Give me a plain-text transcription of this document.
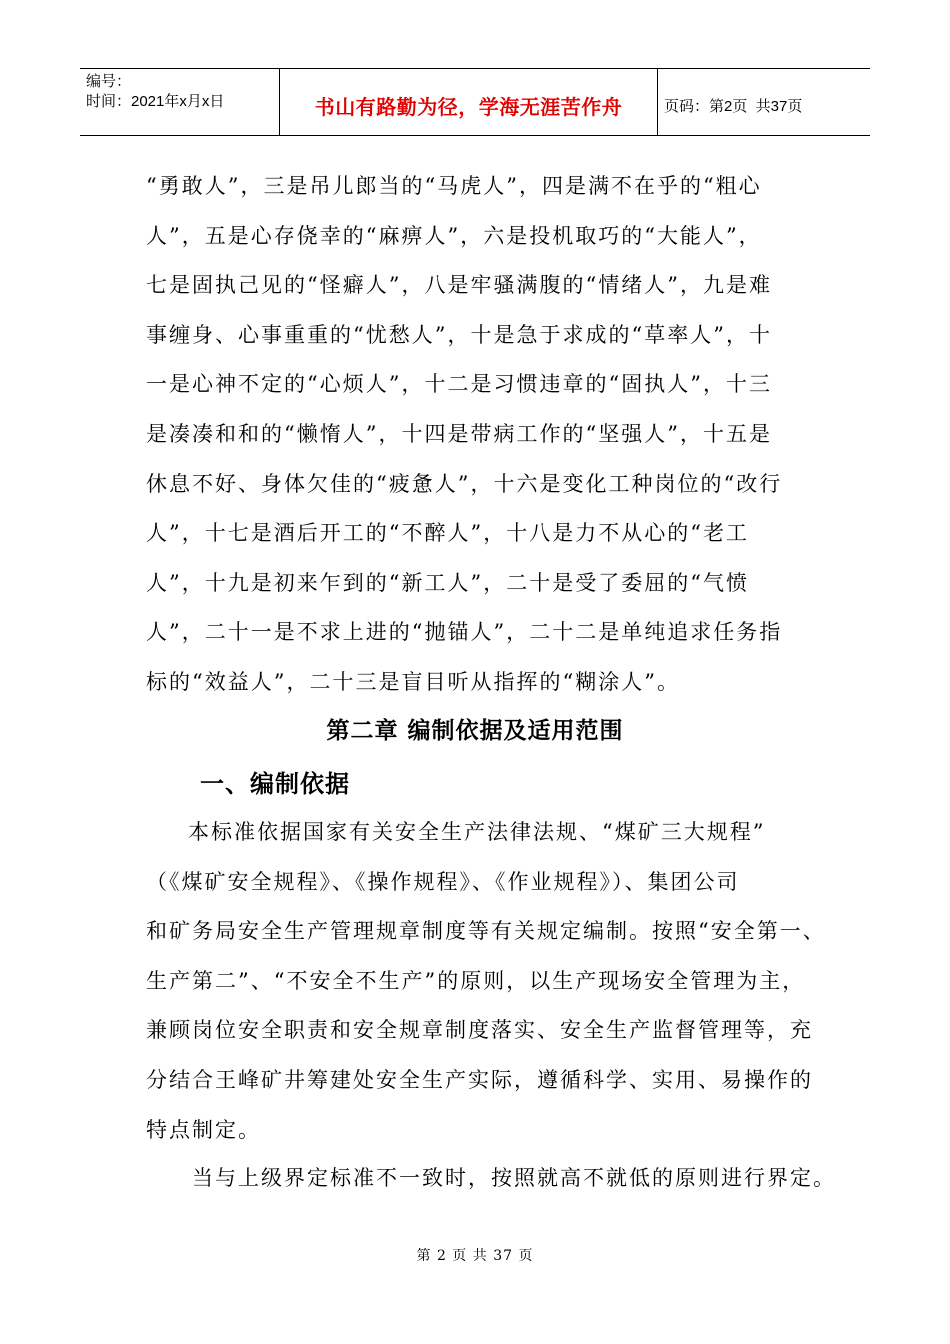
编号：
时间：2021年x月x日	书山有路勤为径，学海无涯苦作舟	页码：第2页  共37页
“勇敢人”，三是吊儿郎当的“马虎人”，四是满不在乎的“粗心
人”，五是心存侥幸的“麻痹人”，六是投机取巧的“大能人”，
七是固执己见的“怪癖人”，八是牢骚满腹的“情绪人”，九是难
事缠身、心事重重的“忧愁人”，十是急于求成的“草率人”，十
一是心神不定的“心烦人”，十二是习惯违章的“固执人”，十三
是凑凑和和的“懒惰人”，十四是带病工作的“坚强人”，十五是
休息不好、身体欠佳的“疲惫人”，十六是变化工种岗位的“改行
人”，十七是酒后开工的“不醉人”，十八是力不从心的“老工
人”，十九是初来乍到的“新工人”，二十是受了委屈的“气愤
人”，二十一是不求上进的“抛锚人”，二十二是单纯追求任务指
标的“效益人”，二十三是盲目听从指挥的“糊涂人”。
第二章 编制依据及适用范围
一、编制依据
本标准依据国家有关安全生产法律法规、“煤矿三大规程”
（《煤矿安全规程》、《操作规程》、《作业规程》）、集团公司
和矿务局安全生产管理规章制度等有关规定编制。按照“安全第一、
生产第二”、“不安全不生产”的原则，以生产现场安全管理为主，
兼顾岗位安全职责和安全规章制度落实、安全生产监督管理等，充
分结合王峰矿井筹建处安全生产实际，遵循科学、实用、易操作的
特点制定。
当与上级界定标准不一致时，按照就高不就低的原则进行界定。
第 2 页 共 37 页
